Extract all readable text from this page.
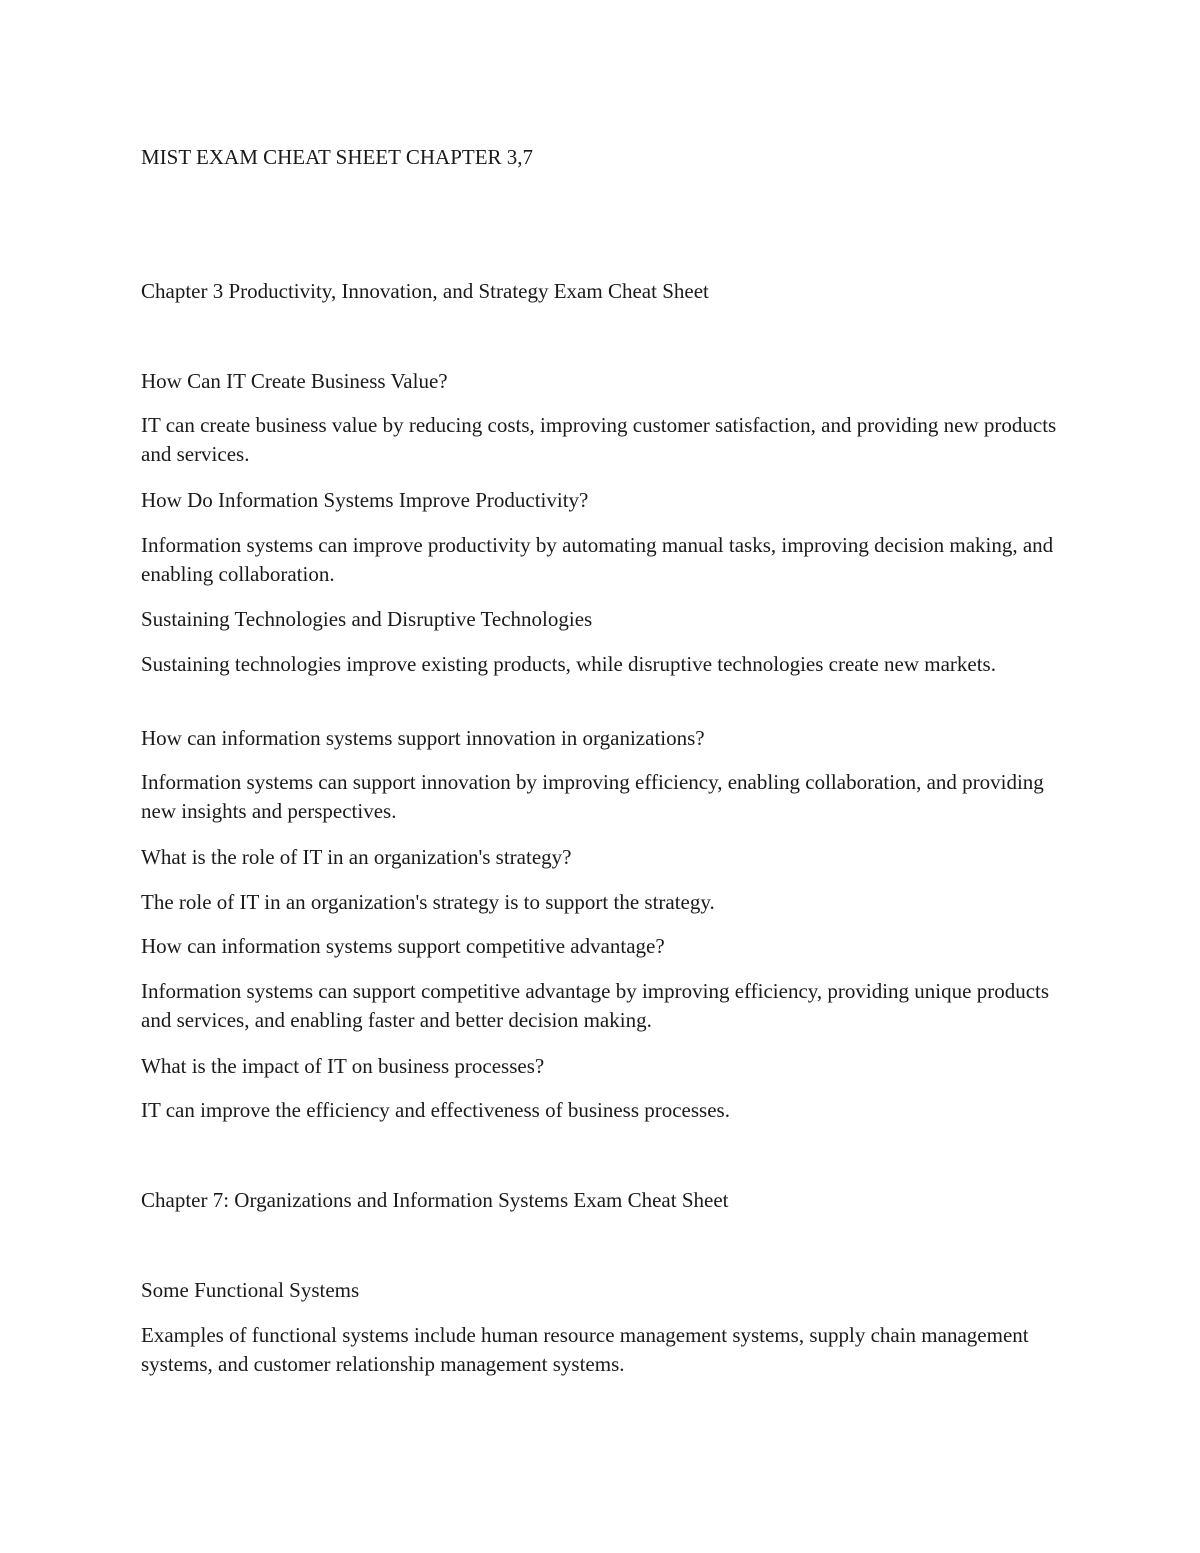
MIST EXAM CHEAT SHEET CHAPTER 3,7

Chapter 3 Productivity, Innovation, and Strategy Exam Cheat Sheet

How Can IT Create Business Value?

IT can create business value by reducing costs, improving customer satisfaction, and providing new products and services.

How Do Information Systems Improve Productivity?

Information systems can improve productivity by automating manual tasks, improving decision making, and enabling collaboration.

Sustaining Technologies and Disruptive Technologies

Sustaining technologies improve existing products, while disruptive technologies create new markets.

How can information systems support innovation in organizations?

Information systems can support innovation by improving efficiency, enabling collaboration, and providing new insights and perspectives.

What is the role of IT in an organization's strategy?

The role of IT in an organization's strategy is to support the strategy.

How can information systems support competitive advantage?

Information systems can support competitive advantage by improving efficiency, providing unique products and services, and enabling faster and better decision making.

What is the impact of IT on business processes?

IT can improve the efficiency and effectiveness of business processes.

Chapter 7: Organizations and Information Systems Exam Cheat Sheet

Some Functional Systems

Examples of functional systems include human resource management systems, supply chain management systems, and customer relationship management systems.
